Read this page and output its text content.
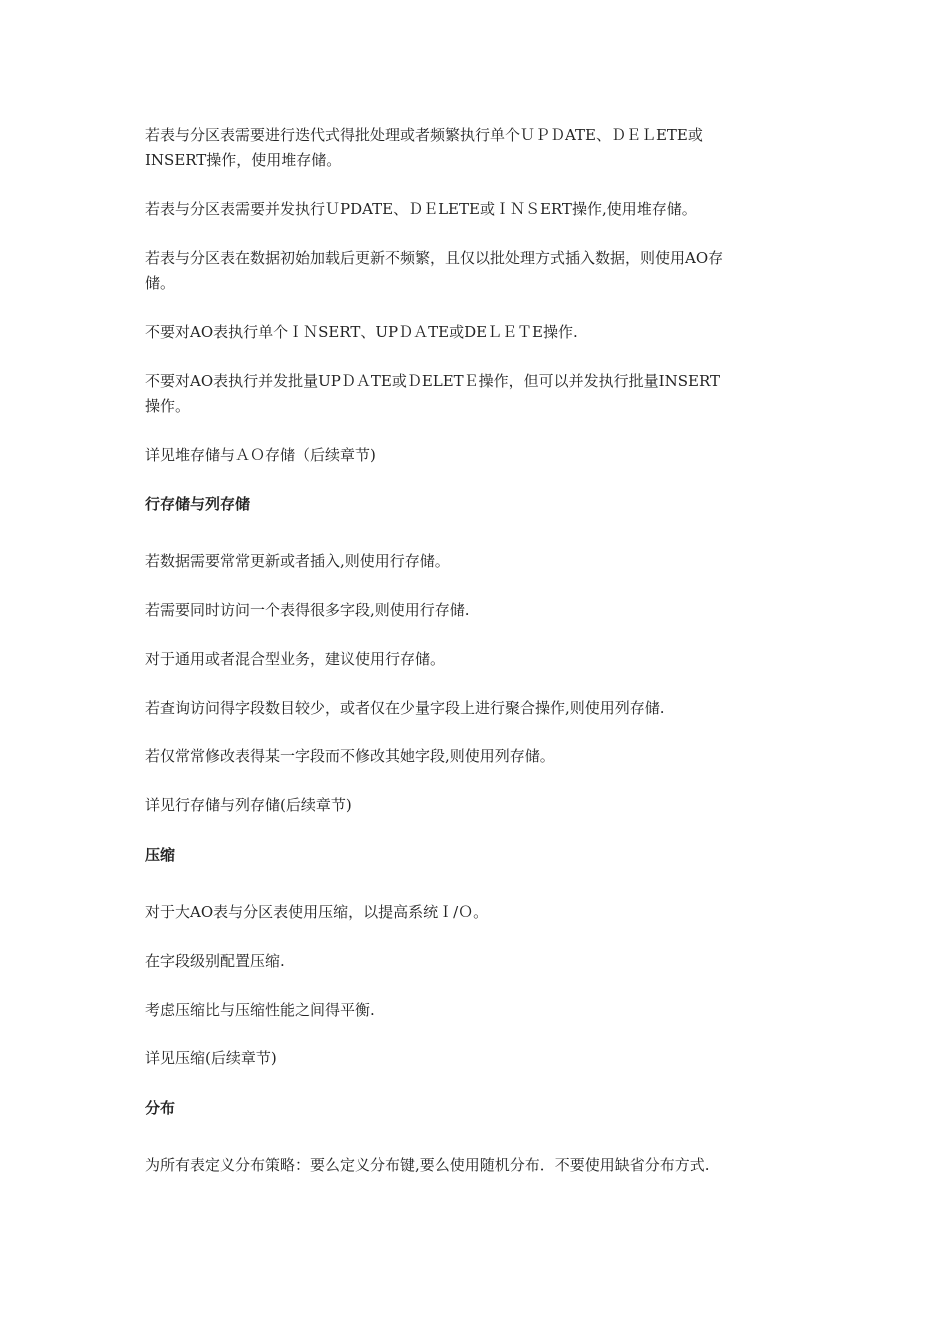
若表与分区表需要进行迭代式得批处理或者频繁执行单个ＵＰＤATE、ＤＥＬETE或
INSERT操作，使用堆存储。
若表与分区表需要并发执行ＵPDATE、ＤＥLETE或ＩＮＳERT操作,使用堆存储。
若表与分区表在数据初始加载后更新不频繁，且仅以批处理方式插入数据，则使用AO存
储。
不要对AO表执行单个ＩＮSERT、UPＤＡTE或DEＬＥＴE操作.
不要对AO表执行并发批量UPＤＡTE或ＤELETＥ操作，但可以并发执行批量INSERT
操作。
详见堆存储与ＡＯ存储（后续章节)
行存储与列存储
若数据需要常常更新或者插入,则使用行存储。
若需要同时访问一个表得很多字段,则使用行存储.
对于通用或者混合型业务，建议使用行存储。
若查询访问得字段数目较少，或者仅在少量字段上进行聚合操作,则使用列存储.
若仅常常修改表得某一字段而不修改其她字段,则使用列存储。
详见行存储与列存储(后续章节)
压缩
对于大AO表与分区表使用压缩，以提高系统Ｉ/Ｏ。
在字段级别配置压缩.
考虑压缩比与压缩性能之间得平衡.
详见压缩(后续章节)
分布
为所有表定义分布策略：要么定义分布键,要么使用随机分布．不要使用缺省分布方式.
